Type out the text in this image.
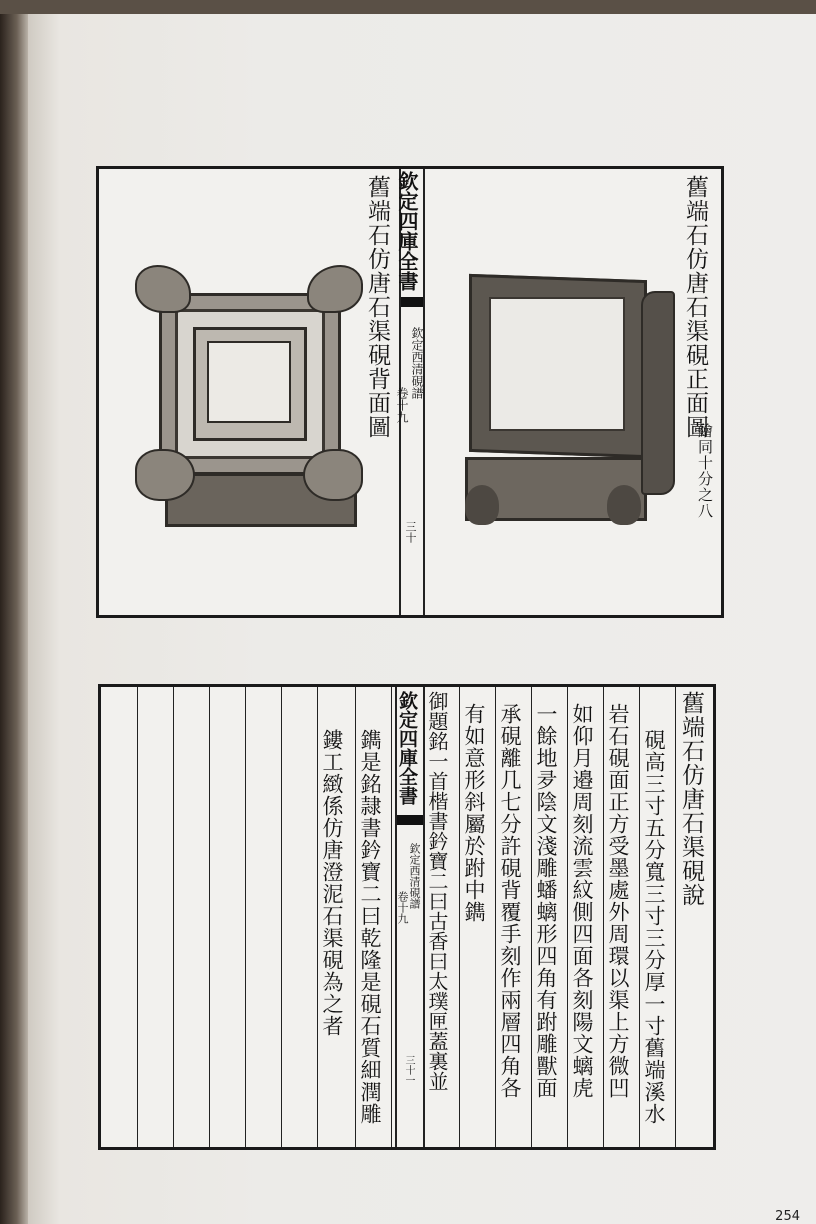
舊端石仿唐石渠硯正面圖
繪同十分之八
欽定四庫全書
欽定西清硯譜
卷十九
三十
舊端石仿唐石渠硯背面圖
舊端石仿唐石渠硯說
硯高三寸五分寬三寸三分厚一寸舊端溪水
岩石硯面正方受墨處外周環以渠上方微凹
如仰月邉周刻流雲紋側四面各刻陽文螭虎
一餘地夛陰文淺雕蟠螭形四角有跗雕獸面
承硯離几七分許硯背覆手刻作兩層四角各
有如意形斜屬於跗中鐫
欽定四庫全書
欽定西清硯譜
卷十九
三十一 御題銘一首楷書鈐寶二曰古香曰太璞匣蓋裏並
鐫是銘隷書鈐寶二曰乾隆是硯石質細潤雕
鏤工緻係仿唐澄泥石渠硯為之者
254
